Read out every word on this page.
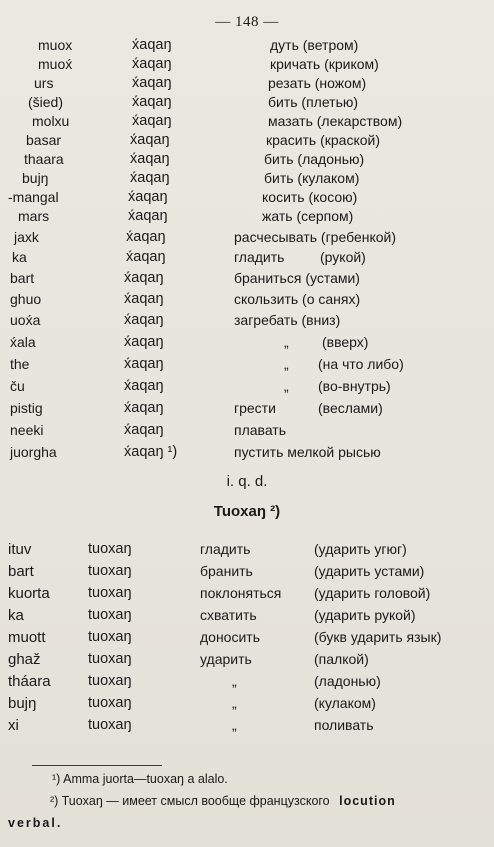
— 148 —
muox	x́aqaŋ	дуть (ветром)
muox́	x́aqaŋ	кричать (криком)
urs	x́aqaŋ	резать (ножом)
(šied)	x́aqaŋ	бить (плетью)
molxu	x́aqaŋ	мазать (лекарством)
basar	x́aqaŋ	красить (краской)
thaara	x́aqaŋ	бить (ладонью)
bujŋ	x́aqaŋ	бить (кулаком)
-mangal	x́aqaŋ	косить (косою)
mars	x́aqaŋ	жать (серпом)
jaxk	x́aqaŋ	расчесывать (гребенкой)
ka	x́aqaŋ	гладить	(рукой)
bart	x́aqaŋ	браниться (устами)
ghuo	x́aqaŋ	скользить (о санях)
uox́a	x́aqaŋ	загребать (вниз)
x́ala	x́aqaŋ	„ (вверх)
the	x́aqaŋ	„ (на что либо)
ču	x́aqaŋ	„ (во-внутрь)
pistig	x́aqaŋ	грести	(веслами)
neeki	x́aqaŋ	плавать
juorgha	x́aqaŋ ¹)	пустить мелкой рысью
i. q. d.
Tuoxaŋ ²)
ituv	tuoxaŋ	гладить	(ударить угюг)
bart	tuoxaŋ	бранить	(ударить устами)
kuorta	tuoxaŋ	поклоняться (ударить головой)
ka	tuoxaŋ	схватить	(ударить рукой)
muott	tuoxaŋ	доносить	(букв ударить язык)
ghaž	tuoxaŋ	ударить	(палкой)
tháara	tuoxaŋ	„	(ладонью)
bujŋ	tuoxaŋ	„	(кулаком)
xi	tuoxaŋ	„	поливать
¹) Amma juorta—tuoxaŋ a alalo.
²) Tuoxaŋ — имеет смысл вообще французского locution
verbal.
